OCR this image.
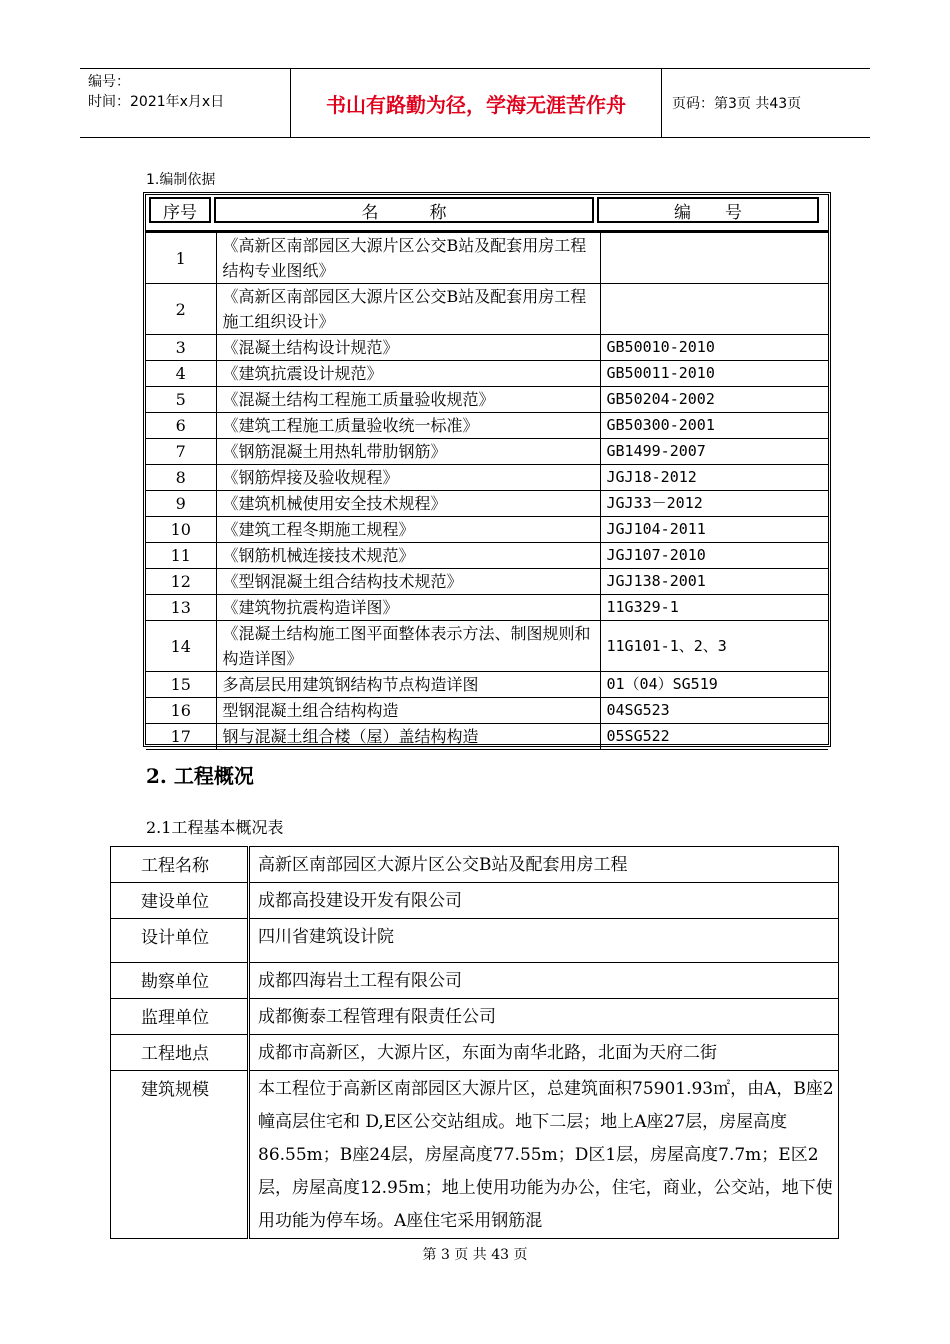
编号：
时间：2021年x月x日	书山有路勤为径，学海无涯苦作舟	页码：第3页 共43页
1.编制依据
序号	名　　　称	编　　号
1	《高新区南部园区大源片区公交B站及配套用房工程结构专业图纸》	
2	《高新区南部园区大源片区公交B站及配套用房工程施工组织设计》	
3	《混凝土结构设计规范》	GB50010-2010
4	《建筑抗震设计规范》	GB50011-2010
5	《混凝土结构工程施工质量验收规范》	GB50204-2002
6	《建筑工程施工质量验收统一标准》	GB50300-2001
7	《钢筋混凝土用热轧带肋钢筋》	GB1499-2007
8	《钢筋焊接及验收规程》	JGJ18-2012
9	《建筑机械使用安全技术规程》	JGJ33－2012
10	《建筑工程冬期施工规程》	JGJ104-2011
11	《钢筋机械连接技术规范》	JGJ107-2010
12	《型钢混凝土组合结构技术规范》	JGJ138-2001
13	《建筑物抗震构造详图》	11G329-1
14	《混凝土结构施工图平面整体表示方法、制图规则和构造详图》	11G101-1、2、3
15	多高层民用建筑钢结构节点构造详图	01（04）SG519
16	型钢混凝土组合结构构造	04SG523
17	钢与混凝土组合楼（屋）盖结构构造	05SG522
2. 工程概况
2.1工程基本概况表
工程名称	高新区南部园区大源片区公交B站及配套用房工程
建设单位	成都高投建设开发有限公司
设计单位	四川省建筑设计院
勘察单位	成都四海岩土工程有限公司
监理单位	成都衡泰工程管理有限责任公司
工程地点	成都市高新区，大源片区，东面为南华北路，北面为天府二街
建筑规模	本工程位于高新区南部园区大源片区，总建筑面积75901.93㎡，由A，B座2幢高层住宅和 D,E区公交站组成。地下二层；地上A座27层，房屋高度86.55m；B座24层，房屋高度77.55m；D区1层，房屋高度7.7m；E区2层，房屋高度12.95m；地上使用功能为办公，住宅，商业，公交站，地下使用功能为停车场。A座住宅采用钢筋混
第 3 页 共 43 页
